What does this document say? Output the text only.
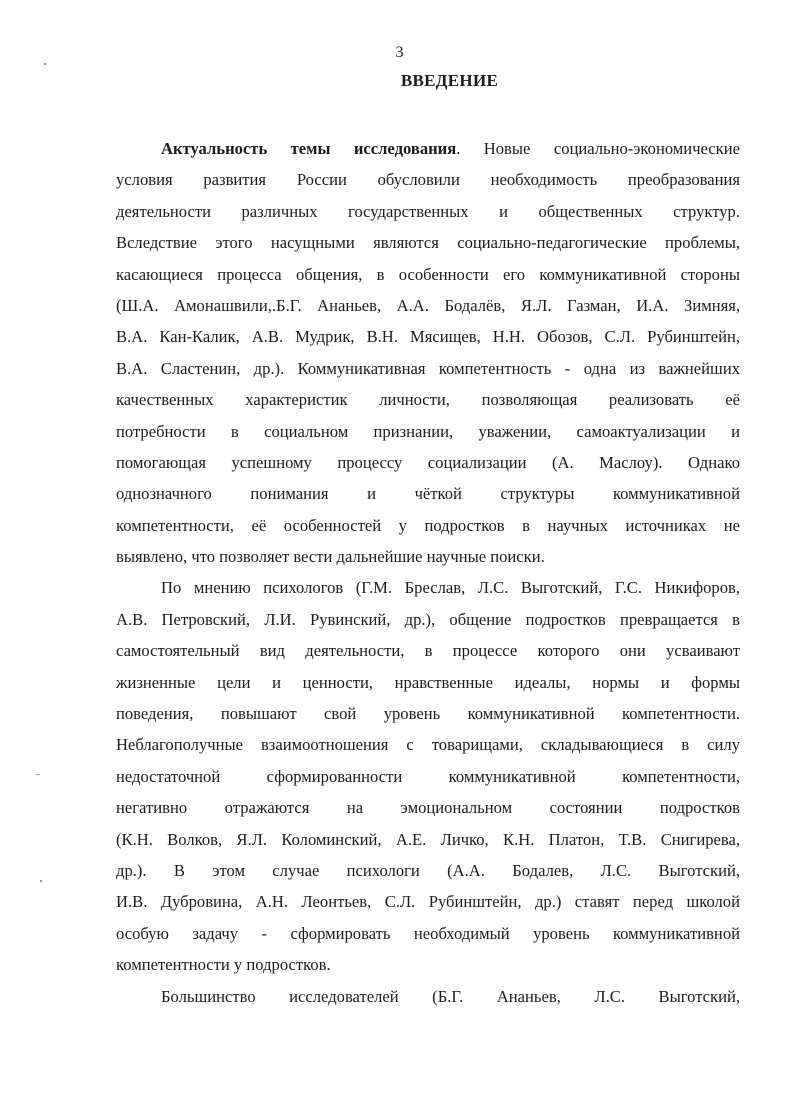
3
ВВЕДЕНИЕ
Актуальность темы исследования. Новые социально-экономические
условия развития России обусловили необходимость преобразования
деятельности различных государственных и общественных структур.
Вследствие этого насущными являются социально-педагогические проблемы,
касающиеся процесса общения, в особенности его коммуникативной стороны
(Ш.А. Амонашвили,.Б.Г. Ананьев, А.А. Бодалёв, Я.Л. Газман, И.А. Зимняя,
В.А. Кан-Калик, А.В. Мудрик, В.Н. Мясищев, Н.Н. Обозов, С.Л. Рубинштейн,
В.А. Сластенин, др.). Коммуникативная компетентность - одна из важнейших
качественных характеристик личности, позволяющая реализовать её
потребности в социальном признании, уважении, самоактуализации и
помогающая успешному процессу социализации (А. Маслоу). Однако
однозначного понимания и чёткой структуры коммуникативной
компетентности, её особенностей у подростков в научных источниках не
выявлено, что позволяет вести дальнейшие научные поиски.
По мнению психологов (Г.М. Бреслав, Л.С. Выготский, Г.С. Никифоров,
А.В. Петровский, Л.И. Рувинский, др.), общение подростков превращается в
самостоятельный вид деятельности, в процессе которого они усваивают
жизненные цели и ценности, нравственные идеалы, нормы и формы
поведения, повышают свой уровень коммуникативной компетентности.
Неблагополучные взаимоотношения с товарищами, складывающиеся в силу
недостаточной сформированности коммуникативной компетентности,
негативно отражаются на эмоциональном состоянии подростков
(К.Н. Волков, Я.Л. Коломинский, А.Е. Личко, К.Н. Платон, Т.В. Снигирева,
др.). В этом случае психологи (А.А. Бодалев, Л.С. Выготский,
И.В. Дубровина, А.Н. Леонтьев, С.Л. Рубинштейн, др.) ставят перед школой
особую задачу - сформировать необходимый уровень коммуникативной
компетентности у подростков.
Большинство исследователей (Б.Г. Ананьев, Л.С. Выготский,
